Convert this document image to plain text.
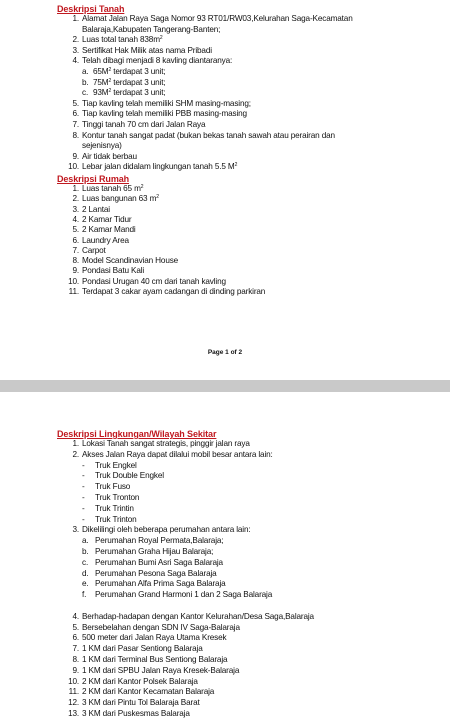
Deskripsi Tanah
1. Alamat Jalan Raya Saga Nomor 93 RT01/RW03,Kelurahan Saga-Kecamatan
Balaraja,Kabupaten Tangerang-Banten;
2. Luas total tanah $838m^2$
3. Sertifikat Hak Milik atas nama Pribadi
4. Telah dibagi menjadi 8 kavling diantaranya:
a. $65M^2$ terdapat 3 unit;
b. $75M^2$ terdapat 3 unit;
c. $93M^2$ terdapat 3 unit;
5. Tiap kavling telah memiliki SHM masing-masing;
6. Tiap kavling telah memiliki PBB masing-masing
7. Tinggi tanah 70 cm dari Jalan Raya
8. Kontur tanah sangat padat (bukan bekas tanah sawah atau perairan dan
sejenisnya)
9. Air tidak berbau
10. Lebar jalan didalam lingkungan tanah 5.5 $M^2$
Deskripsi Rumah
1. Luas tanah 65 $m^2$
2. Luas bangunan 63 $m^2$
3. 2 Lantai
4. 2 Kamar Tidur
5. 2 Kamar Mandi
6. Laundry Area
7. Carpot
8. Model Scandinavian House
9. Pondasi Batu Kali
10. Pondasi Urugan 40 cm dari tanah kavling
11. Terdapat 3 cakar ayam cadangan di dinding parkiran
Page 1 of 2
Deskripsi Lingkungan/Wilayah Sekitar
1. Lokasi Tanah sangat strategis, pinggir jalan raya
2. Akses Jalan Raya dapat dilalui mobil besar antara lain:
-	Truk Engkel
-	Truk Double Engkel
-	Truk Fuso
-	Truk Tronton
-	Truk Trintin
-	Truk Trinton
3. Dikelilingi oleh beberapa perumahan antara lain:
a. Perumahan Royal Permata,Balaraja;
b. Perumahan Graha Hijau Balaraja;
c. Perumahan Bumi Asri Saga Balaraja
d. Perumahan Pesona Saga Balaraja
e. Perumahan Alfa Prima Saga Balaraja
f.	Perumahan Grand Harmoni 1 dan 2 Saga Balaraja
4. Berhadap-hadapan dengan Kantor Kelurahan/Desa Saga,Balaraja
5. Bersebelahan dengan SDN IV Saga-Balaraja
6. 500 meter dari Jalan Raya Utama Kresek
7. 1 KM dari Pasar Sentiong Balaraja
8. 1 KM dari Terminal Bus Sentiong Balaraja
9. 1 KM dari SPBU Jalan Raya Kresek-Balaraja
10. 2 KM dari Kantor Polsek Balaraja
11. 2 KM dari Kantor Kecamatan Balaraja
12. 3 KM dari Pintu Tol Balaraja Barat
13. 3 KM dari Puskesmas Balaraja
